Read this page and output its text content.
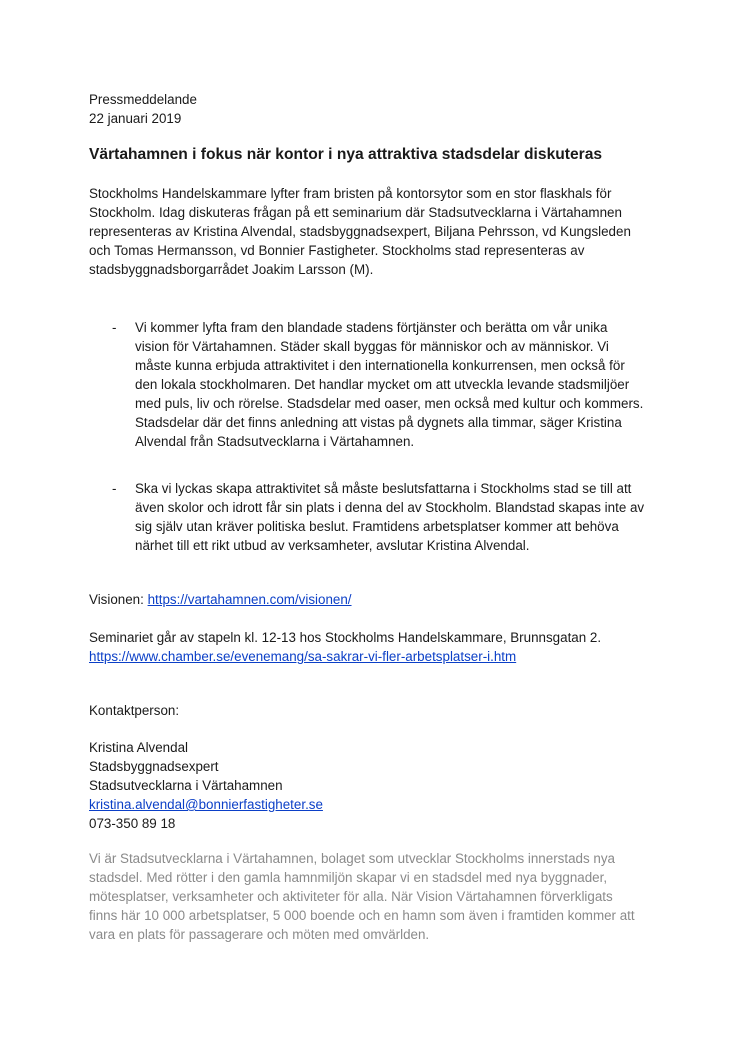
Pressmeddelande
22 januari 2019
Värtahamnen i fokus när kontor i nya attraktiva stadsdelar diskuteras
Stockholms Handelskammare lyfter fram bristen på kontorsytor som en stor flaskhals för
Stockholm. Idag diskuteras frågan på ett seminarium där Stadsutvecklarna i Värtahamnen
representeras av Kristina Alvendal, stadsbyggnadsexpert, Biljana Pehrsson, vd Kungsleden
och Tomas Hermansson, vd Bonnier Fastigheter. Stockholms stad representeras av
stadsbyggnadsborgarrådet Joakim Larsson (M).
- Vi kommer lyfta fram den blandade stadens förtjänster och berätta om vår unika
vision för Värtahamnen. Städer skall byggas för människor och av människor. Vi
måste kunna erbjuda attraktivitet i den internationella konkurrensen, men också för
den lokala stockholmaren. Det handlar mycket om att utveckla levande stadsmiljöer
med puls, liv och rörelse. Stadsdelar med oaser, men också med kultur och kommers.
Stadsdelar där det finns anledning att vistas på dygnets alla timmar, säger Kristina
Alvendal från Stadsutvecklarna i Värtahamnen.
- Ska vi lyckas skapa attraktivitet så måste beslutsfattarna i Stockholms stad se till att
även skolor och idrott får sin plats i denna del av Stockholm. Blandstad skapas inte av
sig själv utan kräver politiska beslut. Framtidens arbetsplatser kommer att behöva
närhet till ett rikt utbud av verksamheter, avslutar Kristina Alvendal.
Visionen: https://vartahamnen.com/visionen/
Seminariet går av stapeln kl. 12-13 hos Stockholms Handelskammare, Brunnsgatan 2.
https://www.chamber.se/evenemang/sa-sakrar-vi-fler-arbetsplatser-i.htm
Kontaktperson:
Kristina Alvendal
Stadsbyggnadsexpert
Stadsutvecklarna i Värtahamnen
kristina.alvendal@bonnierfastigheter.se
073-350 89 18
Vi är Stadsutvecklarna i Värtahamnen, bolaget som utvecklar Stockholms innerstads nya
stadsdel. Med rötter i den gamla hamnmiljön skapar vi en stadsdel med nya byggnader,
mötesplatser, verksamheter och aktiviteter för alla. När Vision Värtahamnen förverkligats
finns här 10 000 arbetsplatser, 5 000 boende och en hamn som även i framtiden kommer att
vara en plats för passagerare och möten med omvärlden.
